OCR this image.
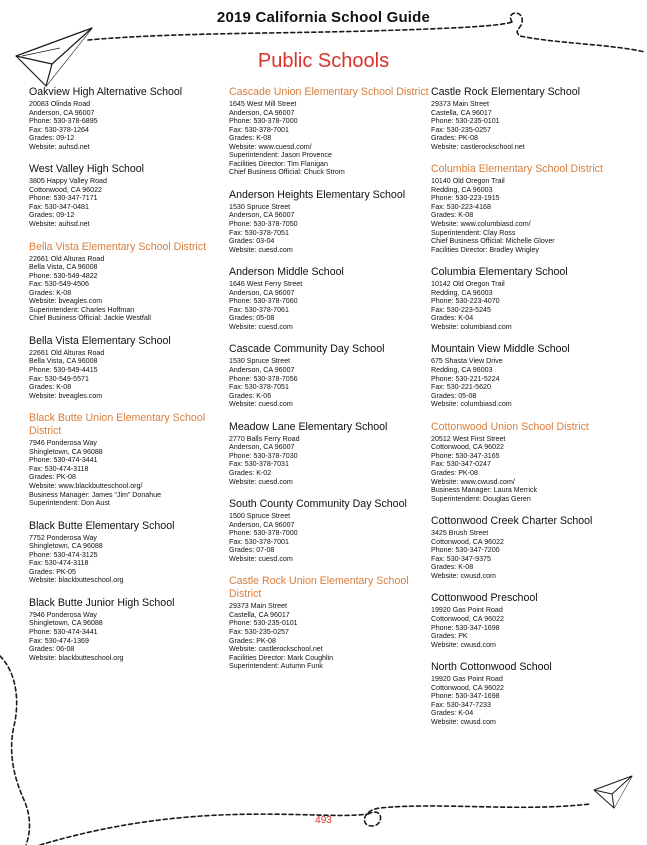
2019 California School Guide
Public Schools
Oakview High Alternative School
20083 Olinda Road
Anderson, CA 96007
Phone: 530-378-6895
Fax: 530-378-1264
Grades: 09-12
Website: auhsd.net
West Valley High School
3805 Happy Valley Road
Cottonwood, CA 96022
Phone: 530-347-7171
Fax: 530-347-0481
Grades: 09-12
Website: auhsd.net
Bella Vista Elementary School District
22661 Old Alturas Road
Bella Vista, CA 96008
Phone: 530-549-4822
Fax: 530-549-4506
Grades: K-08
Website: bveagles.com
Superintendent: Charles Hoffman
Chief Business Official: Jackie Westfall
Bella Vista Elementary School
22661 Old Alturas Road
Bella Vista, CA 96008
Phone: 530-549-4415
Fax: 530-549-5571
Grades: K-08
Website: bveagles.com
Black Butte Union Elementary School District
7946 Ponderosa Way
Shingletown, CA 96088
Phone: 530-474-3441
Fax: 530-474-3118
Grades: PK-08
Website: www.blackbutteschool.org/
Business Manager: James “Jim” Donahue
Superintendent: Don Aust
Black Butte Elementary School
7752 Ponderosa Way
Shingletown, CA 96088
Phone: 530-474-3125
Fax: 530-474-3118
Grades: PK-05
Website: blackbutteschool.org
Black Butte Junior High School
7946 Ponderosa Way
Shingletown, CA 96088
Phone: 530-474-3441
Fax: 530-474-1369
Grades: 06-08
Website: blackbutteschool.org
Cascade Union Elementary School District
1645 West Mill Street
Anderson, CA 96007
Phone: 530-378-7000
Fax: 530-378-7001
Grades: K-08
Website: www.cuesd.com/
Superintendent: Jason Provence
Facilities Director: Tim Flanigan
Chief Business Official: Chuck Strom
Anderson Heights Elementary School
1530 Spruce Street
Anderson, CA 96007
Phone: 530-378-7050
Fax: 530-378-7051
Grades: 03-04
Website: cuesd.com
Anderson Middle School
1646 West Ferry Street
Anderson, CA 96007
Phone: 530-378-7060
Fax: 530-378-7061
Grades: 05-08
Website: cuesd.com
Cascade Community Day School
1530 Spruce Street
Anderson, CA 96007
Phone: 530-378-7056
Fax: 530-378-7051
Grades: K-06
Website: cuesd.com
Meadow Lane Elementary School
2770 Balls Ferry Road
Anderson, CA 96007
Phone: 530-378-7030
Fax: 530-378-7031
Grades: K-02
Website: cuesd.com
South County Community Day School
1500 Spruce Street
Anderson, CA 96007
Phone: 530-378-7000
Fax: 530-378-7001
Grades: 07-08
Website: cuesd.com
Castle Rock Union Elementary School District
29373 Main Street
Castella, CA 96017
Phone: 530-235-0101
Fax: 530-235-0257
Grades: PK-08
Website: castlerockschool.net
Facilities Director: Mark Coughlin
Superintendent: Autumn Funk
Castle Rock Elementary School
29373 Main Street
Castella, CA 96017
Phone: 530-235-0101
Fax: 530-235-0257
Grades: PK-08
Website: castlerockschool.net
Columbia Elementary School District
10140 Old Oregon Trail
Redding, CA 96003
Phone: 530-223-1915
Fax: 530-223-4168
Grades: K-08
Website: www.columbiasd.com/
Superintendent: Clay Ross
Chief Business Official: Michelle Glover
Facilities Director: Bradley Wrigley
Columbia Elementary School
10142 Old Oregon Trail
Redding, CA 96003
Phone: 530-223-4070
Fax: 530-223-5245
Grades: K-04
Website: columbiasd.com
Mountain View Middle School
675 Shasta View Drive
Redding, CA 96003
Phone: 530-221-5224
Fax: 530-221-5620
Grades: 05-08
Website: columbiasd.com
Cottonwood Union School District
20512 West First Street
Cottonwood, CA 96022
Phone: 530-347-3165
Fax: 530-347-0247
Grades: PK-08
Website: www.cwusd.com/
Business Manager: Laura Merrick
Superintendent: Douglas Geren
Cottonwood Creek Charter School
3425 Brush Street
Cottonwood, CA 96022
Phone: 530-347-7200
Fax: 530-347-9375
Grades: K-08
Website: cwusd.com
Cottonwood Preschool
19920 Gas Point Road
Cottonwood, CA 96022
Phone: 530-347-1698
Grades: PK
Website: cwusd.com
North Cottonwood School
19920 Gas Point Road
Cottonwood, CA 96022
Phone: 530-347-1698
Fax: 530-347-7233
Grades: K-04
Website: cwusd.com
493
